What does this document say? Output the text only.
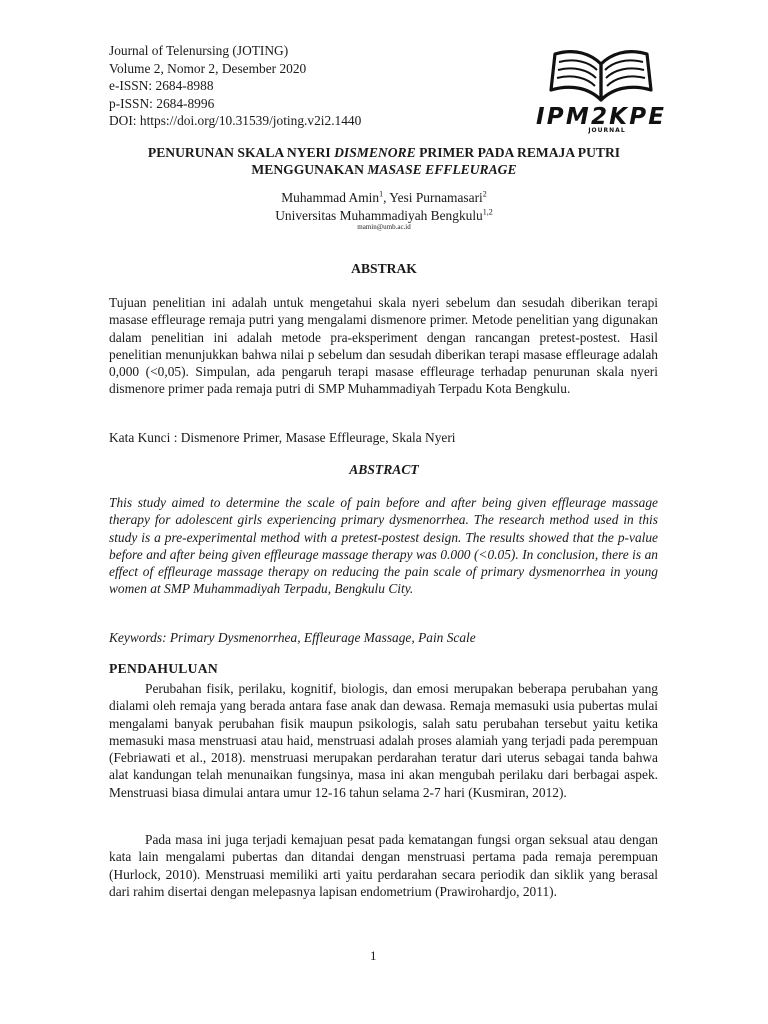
Journal of Telenursing (JOTING)
Volume 2, Nomor 2, Desember 2020
e-ISSN: 2684-8988
p-ISSN: 2684-8996
DOI: https://doi.org/10.31539/joting.v2i2.1440	IPM2KPE
JOURNAL
PENURUNAN SKALA NYERI DISMENORE PRIMER PADA REMAJA PUTRI
MENGGUNAKAN MASASE EFFLEURAGE
Muhammad Amin$^1$, Yesi Purnamasari$^2$
Universitas Muhammadiyah Bengkulu$^{1,2}$
mamin@umb.ac.id
ABSTRAK
Tujuan penelitian ini adalah untuk mengetahui skala nyeri sebelum dan sesudah diberikan terapi masase effleurage remaja putri yang mengalami dismenore primer. Metode penelitian yang digunakan dalam penelitian ini adalah metode pra-eksperiment dengan rancangan pretest-postest. Hasil penelitian menunjukkan bahwa nilai p sebelum dan sesudah diberikan terapi masase effleurage adalah 0,000 (<0,05). Simpulan, ada pengaruh terapi masase effleurage terhadap penurunan skala nyeri dismenore primer pada remaja putri di SMP Muhammadiyah Terpadu Kota Bengkulu.
Kata Kunci : Dismenore Primer, Masase Effleurage, Skala Nyeri
ABSTRACT
This study aimed to determine the scale of pain before and after being given effleurage massage therapy for adolescent girls experiencing primary dysmenorrhea. The research method used in this study is a pre-experimental method with a pretest-postest design. The results showed that the p-value before and after being given effleurage massage therapy was 0.000 (<0.05). In conclusion, there is an effect of effleurage massage therapy on reducing the pain scale of primary dysmenorrhea in young women at SMP Muhammadiyah Terpadu, Bengkulu City.
Keywords: Primary Dysmenorrhea, Effleurage Massage, Pain Scale
PENDAHULUAN
Perubahan fisik, perilaku, kognitif, biologis, dan emosi merupakan beberapa perubahan yang dialami oleh remaja yang berada antara fase anak dan dewasa. Remaja memasuki usia pubertas mulai mengalami banyak perubahan fisik maupun psikologis, salah satu perubahan tersebut yaitu ketika memasuki masa menstruasi atau haid, menstruasi adalah proses alamiah yang terjadi pada perempuan (Febriawati et al., 2018). menstruasi merupakan perdarahan teratur dari uterus sebagai tanda bahwa alat kandungan telah menunaikan fungsinya, masa ini akan mengubah perilaku dari berbagai aspek. Menstruasi biasa dimulai antara umur 12-16 tahun selama 2-7 hari (Kusmiran, 2012).
Pada masa ini juga terjadi kemajuan pesat pada kematangan fungsi organ seksual atau dengan kata lain mengalami pubertas dan ditandai dengan menstruasi pertama pada remaja perempuan (Hurlock, 2010). Menstruasi memiliki arti yaitu perdarahan secara periodik dan siklik yang berasal dari rahim disertai dengan melepasnya lapisan endometrium (Prawirohardjo, 2011).
1
